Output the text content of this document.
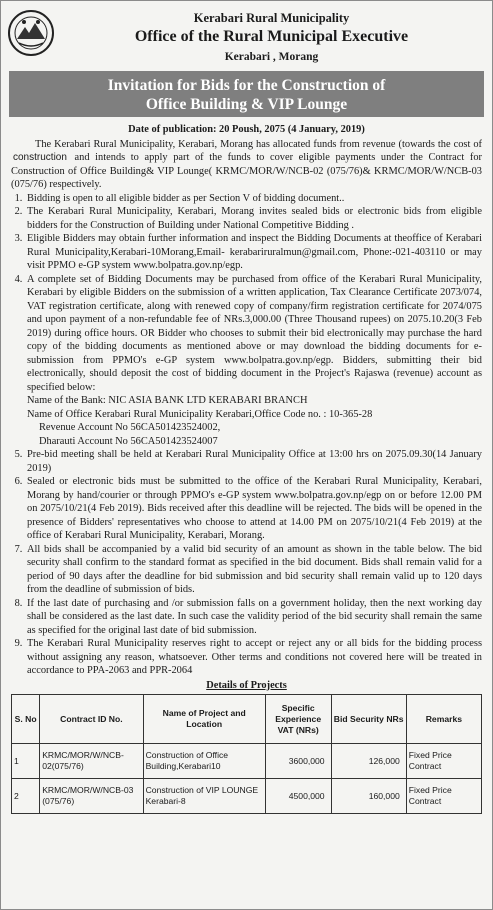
Kerabari Rural Municipality
Office of the Rural Municipal Executive
Kerabari , Morang
Invitation for Bids for the Construction of
Office Building & VIP Lounge

Date of publication: 20 Poush, 2075 (4 January, 2019)

The Kerabari Rural Municipality, Kerabari, Morang has allocated funds from revenue (towards the cost of construction and intends to apply part of the funds to cover eligible payments under the Contract for Construction of Office Building& VIP Lounge( KRMC/MOR/W/NCB-02 (075/76)& KRMC/MOR/W/NCB-03 (075/76) respectively.

1. Bidding is open to all eligible bidder as per Section V of bidding document..
2. The Kerabari Rural Municipality, Kerabari, Morang invites sealed bids or electronic bids from eligible bidders for the Construction of Building under National Competitive Bidding .
3. Eligible Bidders may obtain further information and inspect the Bidding Documents at theoffice of Kerabari Rural Municipality,Kerabari-10Morang,Email- kerabariruralmun@gmail.com, Phone:-021-403110 or may visit PPMO e-GP system www.bolpatra.gov.np/egp.
4. A complete set of Bidding Documents may be purchased from office of the Kerabari Rural Municipality, Kerabari by eligible Bidders on the submission of a written application, Tax Clearance Certificate 2073/074, VAT registration certificate, along with renewed copy of company/firm registration certificate for 2074/075 and upon payment of a non-refundable fee of NRs.3,000.00 (Three Thousand rupees) on 2075.10.20(3 Feb 2019) during office hours. OR Bidder who chooses to submit their bid electronically may purchase the hard copy of the bidding documents as mentioned above or may download the bidding documents for e-submission from PPMO's e-GP system www.bolpatra.gov.np/egp. Bidders, submitting their bid electronically, should deposit the cost of bidding document in the Project's Rajaswa (revenue) account as specified below:
Name of the Bank: NIC ASIA BANK LTD KERABARI BRANCH
Name of Office Kerabari Rural Municipality Kerabari,Office Code no. : 10-365-28
Revenue Account No 56CA501423524002,
Dharauti Account No 56CA501423524007
5. Pre-bid meeting shall be held at Kerabari Rural Municipality Office at 13:00 hrs on 2075.09.30(14 January 2019)
6. Sealed or electronic bids must be submitted to the office of the Kerabari Rural Municipality, Kerabari, Morang by hand/courier or through PPMO's e-GP system www.bolpatra.gov.np/egp on or before 12.00 PM on 2075/10/21(4 Feb 2019). Bids received after this deadline will be rejected. The bids will be opened in the presence of Bidders' representatives who choose to attend at 14.00 PM on 2075/10/21(4 Feb 2019) at the office of Kerabari Rural Municipality, Kerabari, Morang.
7. All bids shall be accompanied by a valid bid security of an amount as shown in the table below. The bid security shall confirm to the standard format as specified in the bid document. Bids shall remain valid for a period of 90 days after the deadline for bid submission and bid security shall remain valid up to 120 days from the deadline of submission of bids.
8. If the last date of purchasing and /or submission falls on a government holiday, then the next working day shall be considered as the last date. In such case the validity period of the bid security shall remain the same as specified for the original last date of bid submission.
9. The Kerabari Rural Municipality reserves right to accept or reject any or all bids for the bidding process without assigning any reason, whatsoever. Other terms and conditions not covered here will be treated in accordance to PPA-2063 and PPR-2064
Details of Projects
S. No	Contract ID No.	Name of Project and Location	Specific Experience VAT (NRs)	Bid Security NRs	Remarks
1	KRMC/MOR/W/NCB-02(075/76)	Construction of Office Building,Kerabari10	3600,000	126,000	Fixed Price Contract
2	KRMC/MOR/W/NCB-03 (075/76)	Construction of VIP LOUNGE Kerabari-8	4500,000	160,000	Fixed Price Contract
